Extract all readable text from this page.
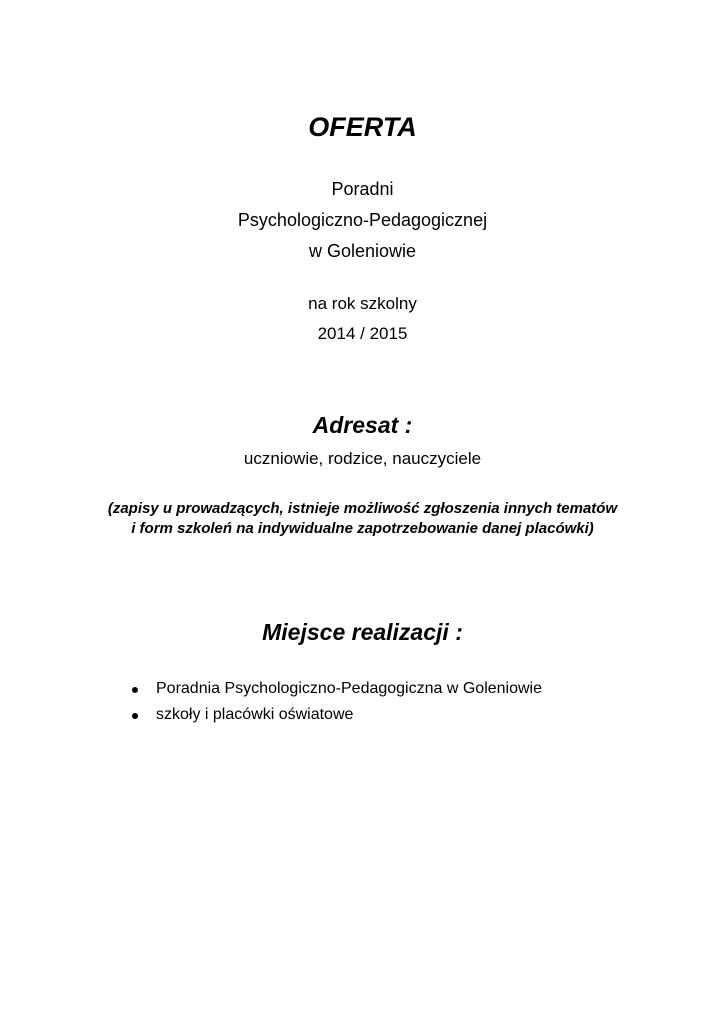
OFERTA

Poradni

Psychologiczno-Pedagogicznej

w Goleniowie

na rok szkolny

2014 / 2015

Adresat :

uczniowie, rodzice, nauczyciele

(zapisy u prowadzących, istnieje możliwość zgłoszenia innych tematów

i form szkoleń na indywidualne zapotrzebowanie danej placówki)

Miejsce realizacji :
Poradnia Psychologiczno-Pedagogiczna w Goleniowie
szkoły i placówki oświatowe
